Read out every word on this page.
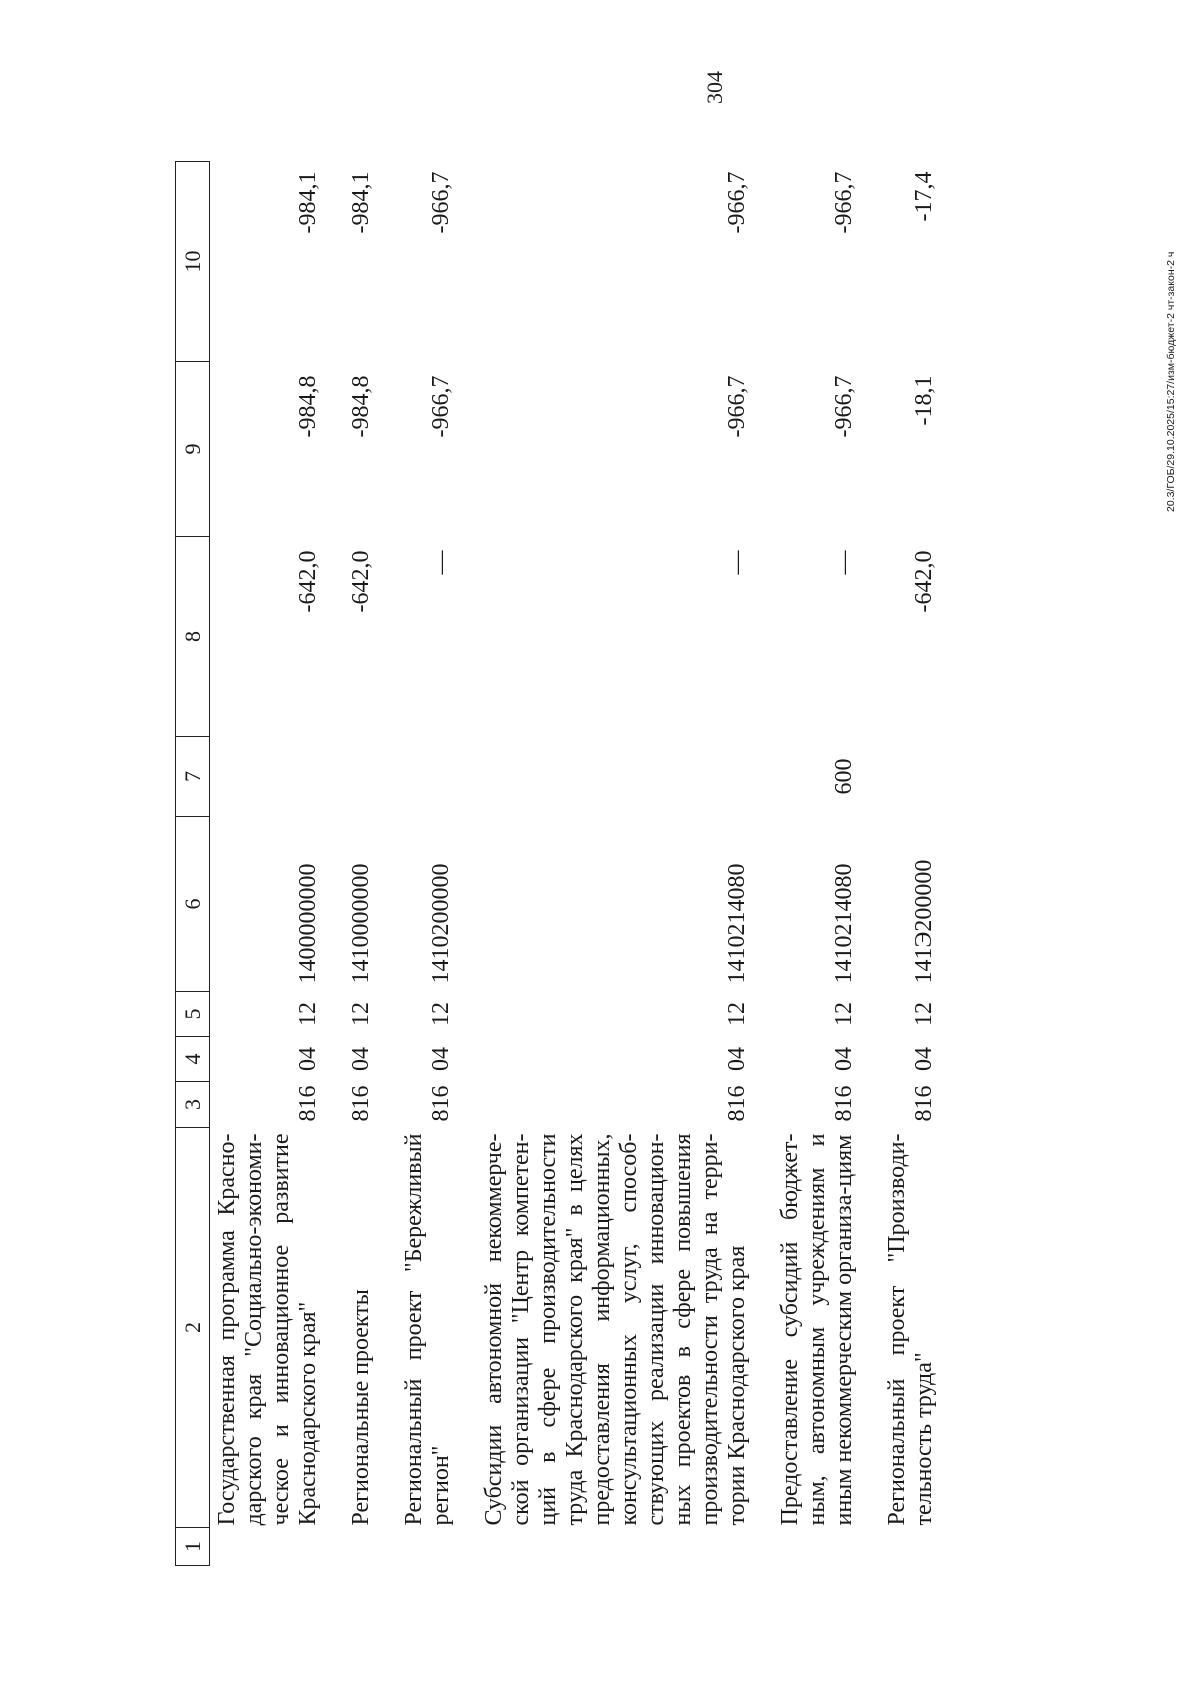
304
20.3/ГОБ/29.10.2025/15:27/изм-бюджет-2 чт-закон-2 ч
1	2	3	4	5	6	7	8	9	10
	Государственная программа Красно-дарского края "Социально-экономи-ческое и инновационное развитие Краснодарского края"	816	04	12	1400000000		-642,0	-984,8	-984,1
	Региональные проекты	816	04	12	1410000000		-642,0	-984,8	-984,1
	Региональный проект "Бережливый регион"	816	04	12	1410200000		—	-966,7	-966,7
	Субсидии автономной некоммерче-ской организации "Центр компетен-ций в сфере производительности труда Краснодарского края" в целях предоставления информационных, консультационных услуг, способ-ствующих реализации инновацион-ных проектов в сфере повышения производительности труда на терри-тории Краснодарского края	816	04	12	1410214080		—	-966,7	-966,7
	Предоставление субсидий бюджет-ным, автономным учреждениям и иным некоммерческим организа-циям	816	04	12	1410214080	600	—	-966,7	-966,7
	Региональный проект "Производи-тельность труда"	816	04	12	141Э200000		-642,0	-18,1	-17,4
